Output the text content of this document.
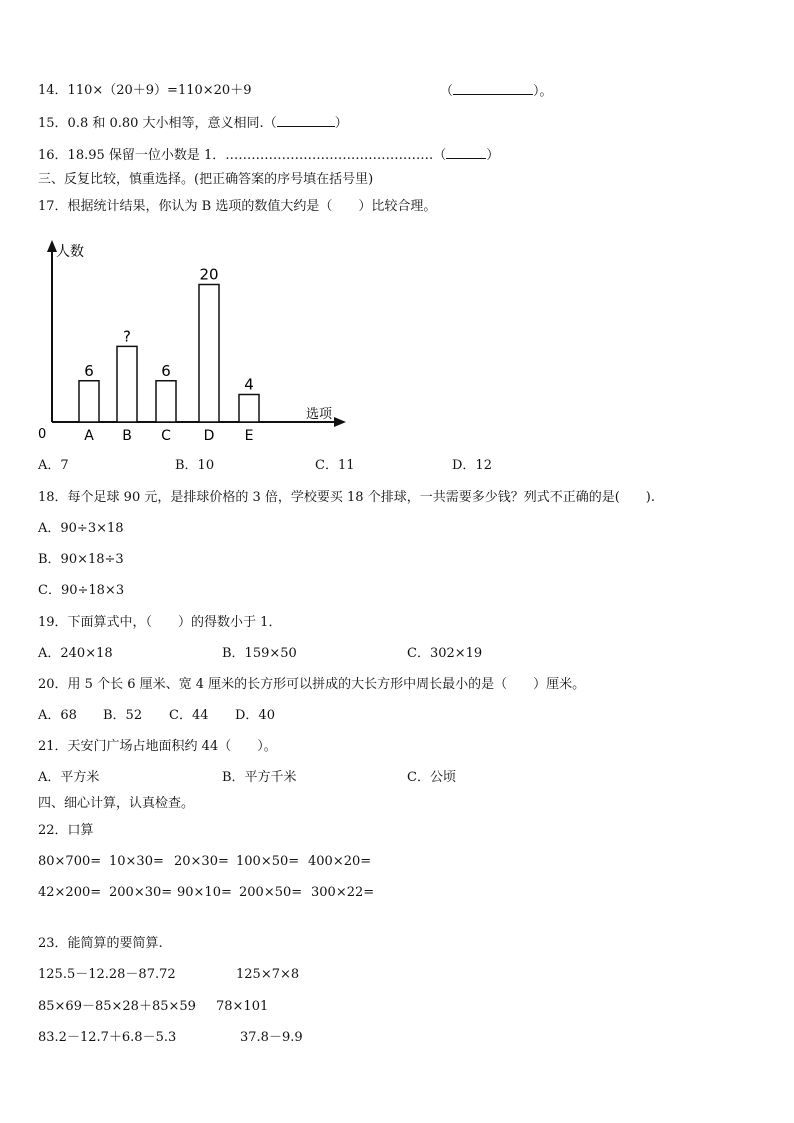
14．110×（20＋9）=110×20＋9	（	）。
15．0.8 和 0.80 大小相等，意义相同.（	）
16．18.95 保留一位小数是 1．…………………………………………（	）
三、反复比较，慎重选择。(把正确答案的序号填在括号里)
17．根据统计结果，你认为 B 选项的数值大约是（　　）比较合理。
人数
选项
0
6
A
?
B
6
C
20
D
4
E
A．7	B．10	C．11	D．12
18．每个足球 90 元，是排球价格的 3 倍，学校要买 18 个排球，一共需要多少钱？列式不正确的是(　　).
A．90÷3×18
B．90×18÷3
C．90÷18×3
19．下面算式中，（　　）的得数小于 1．
A．240×18	B．159×50	C．302×19
20．用 5 个长 6 厘米、宽 4 厘米的长方形可以拼成的大长方形中周长最小的是（　　）厘米。
A．68 B．52 C．44 D．40
21．天安门广场占地面积约 44（　　）。
A．平方米	B．平方千米	C．公顷
四、细心计算，认真检查。
22．口算
80×700= 10×30= 20×30= 100×50= 400×20=
42×200= 200×30= 90×10= 200×50= 300×22=
23．能简算的要简算.
125.5－12.28－87.72	125×7×8
85×69－85×28＋85×59 78×101
83.2－12.7＋6.8－5.3	37.8－9.9
